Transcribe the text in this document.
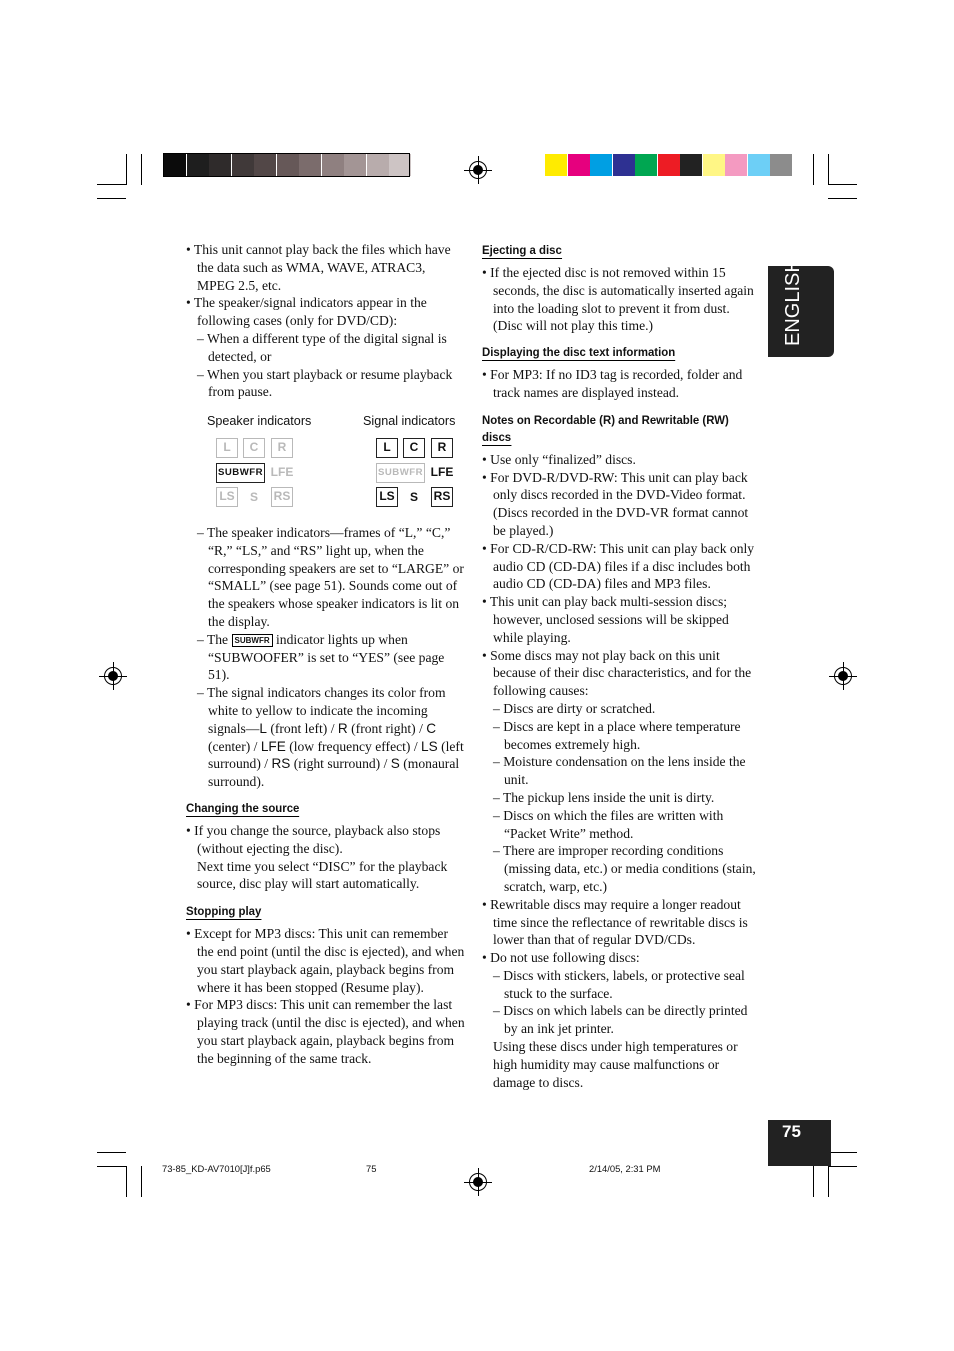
ENGLISH

• This unit cannot play back the files which have the data such as WMA, WAVE, ATRAC3, MPEG 2.5, etc.

• The speaker/signal indicators appear in the following cases (only for DVD/CD):

– When a different type of the digital signal is detected, or

– When you start playback or resume playback from pause.

Speaker indicators	Signal indicators
L	C	R
SUBWFR LFE
LS S RS
L	C	R
SUBWFR LFE
LS S RS

– The speaker indicators—frames of “L,” “C,” “R,” “LS,” and “RS” light up, when the corresponding speakers are set to “LARGE” or “SMALL” (see page 51). Sounds come out of the speakers whose speaker indicators is lit on the display.

– The SUBWFR indicator lights up when “SUBWOOFER” is set to “YES” (see page 51).

– The signal indicators changes its color from white to yellow to indicate the incoming signals—L (front left) / R (front right) / C (center) / LFE (low frequency effect) / LS (left surround) / RS (right surround) / S (monaural surround).

Changing the source

• If you change the source, playback also stops (without ejecting the disc).

Next time you select “DISC” for the playback source, disc play will start automatically.

Stopping play

• Except for MP3 discs: This unit can remember the end point (until the disc is ejected), and when you start playback again, playback begins from where it has been stopped (Resume play).

• For MP3 discs: This unit can remember the last playing track (until the disc is ejected), and when you start playback again, playback begins from the beginning of the same track.

Ejecting a disc

• If the ejected disc is not removed within 15 seconds, the disc is automatically inserted again into the loading slot to prevent it from dust. (Disc will not play this time.)

Displaying the disc text information

• For MP3: If no ID3 tag is recorded, folder and track names are displayed instead.

Notes on Recordable (R) and Rewritable (RW)
discs

• Use only “finalized” discs.

• For DVD-R/DVD-RW: This unit can play back only discs recorded in the DVD-Video format. (Discs recorded in the DVD-VR format cannot be played.)

• For CD-R/CD-RW: This unit can play back only audio CD (CD-DA) files if a disc includes both audio CD (CD-DA) files and MP3 files.

• This unit can play back multi-session discs; however, unclosed sessions will be skipped while playing.

• Some discs may not play back on this unit because of their disc characteristics, and for the following causes:

– Discs are dirty or scratched.

– Discs are kept in a place where temperature becomes extremely high.

– Moisture condensation on the lens inside the unit.

– The pickup lens inside the unit is dirty.

– Discs on which the files are written with “Packet Write” method.

– There are improper recording conditions (missing data, etc.) or media conditions (stain, scratch, warp, etc.)

• Rewritable discs may require a longer readout time since the reflectance of rewritable discs is lower than that of regular DVD/CDs.

• Do not use following discs:

– Discs with stickers, labels, or protective seal stuck to the surface.

– Discs on which labels can be directly printed by an ink jet printer.

Using these discs under high temperatures or high humidity may cause malfunctions or damage to discs.

75
73-85_KD-AV7010[J]f.p65	75	2/14/05, 2:31 PM
